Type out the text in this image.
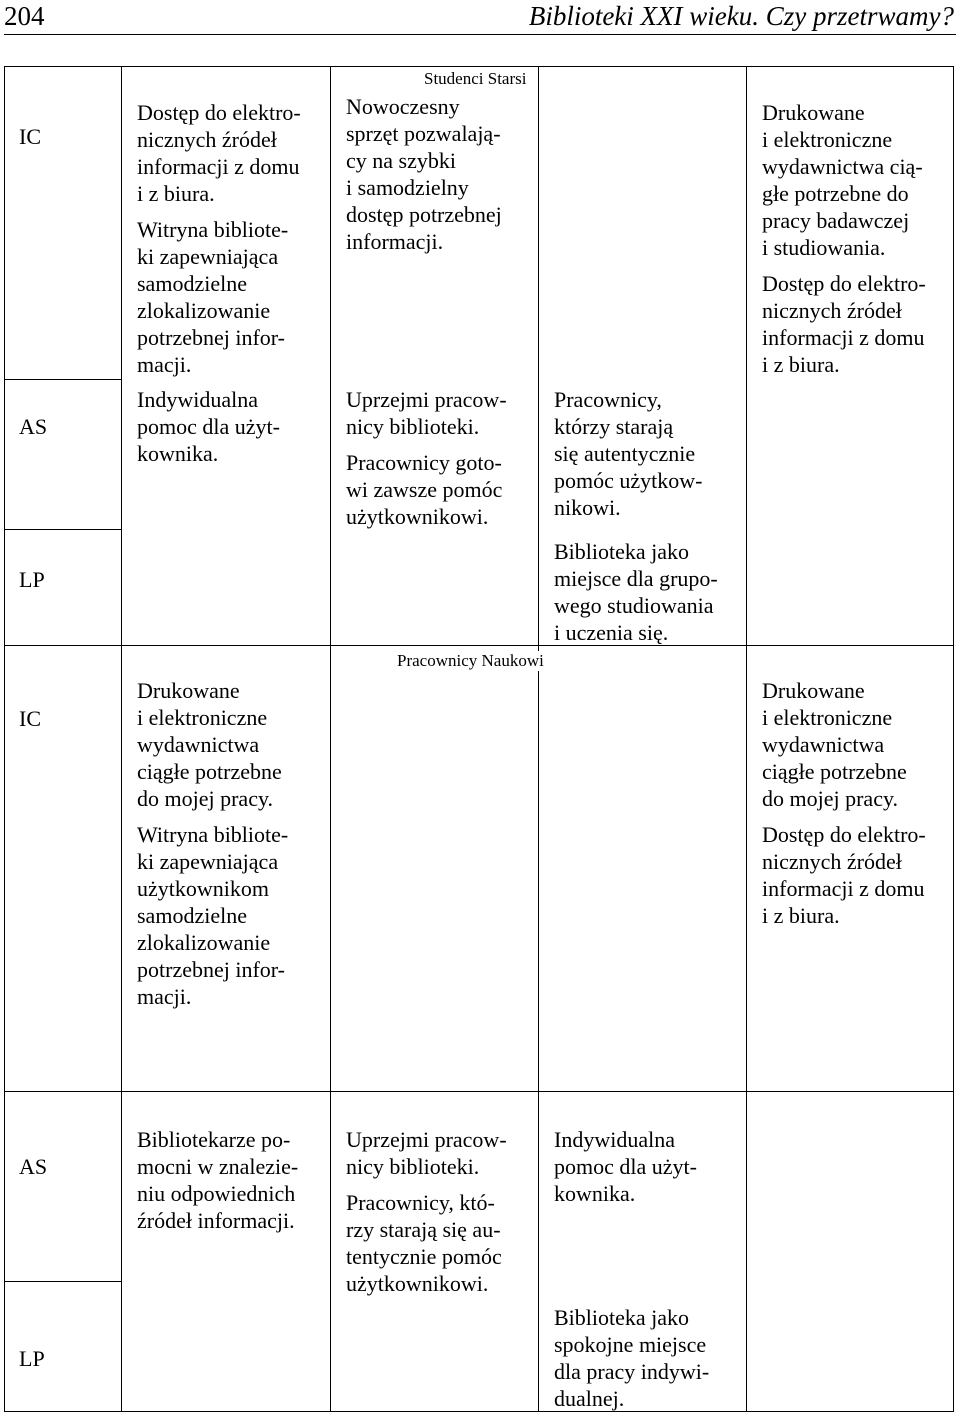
204	Biblioteki XXI wieku. Czy przetrwamy?
Studenci Starsi
Pracownicy Naukowi
IC

Dostęp do elektro-
nicznych źródeł
informacji z domu
i z biura.

Witryna bibliote-
ki zapewniająca
samodzielne
zlokalizowanie
potrzebnej infor-
macji.

Nowoczesny
sprzęt pozwalają-
cy na szybki
i samodzielny
dostęp potrzebnej
informacji.

Drukowane
i elektroniczne
wydawnictwa cią-
głe potrzebne do
pracy badawczej
i studiowania.

Dostęp do elektro-
nicznych źródeł
informacji z domu
i z biura.

AS

Indywidualna
pomoc dla użyt-
kownika.

Uprzejmi pracow-
nicy biblioteki.

Pracownicy goto-
wi zawsze pomóc
użytkownikowi.

Pracownicy,
którzy starają
się autentycznie
pomóc użytkow-
nikowi.

LP

Biblioteka jako
miejsce dla grupo-
wego studiowania
i uczenia się.

IC

Drukowane
i elektroniczne
wydawnictwa
ciągłe potrzebne
do mojej pracy.

Witryna bibliote-
ki zapewniająca
użytkownikom
samodzielne
zlokalizowanie
potrzebnej infor-
macji.

Drukowane
i elektroniczne
wydawnictwa
ciągłe potrzebne
do mojej pracy.

Dostęp do elektro-
nicznych źródeł
informacji z domu
i z biura.

AS

Bibliotekarze po-
mocni w znalezie-
niu odpowiednich
źródeł informacji.

Uprzejmi pracow-
nicy biblioteki.

Pracownicy, któ-
rzy starają się au-
tentycznie pomóc
użytkownikowi.

Indywidualna
pomoc dla użyt-
kownika.

LP

Biblioteka jako
spokojne miejsce
dla pracy indywi-
dualnej.
